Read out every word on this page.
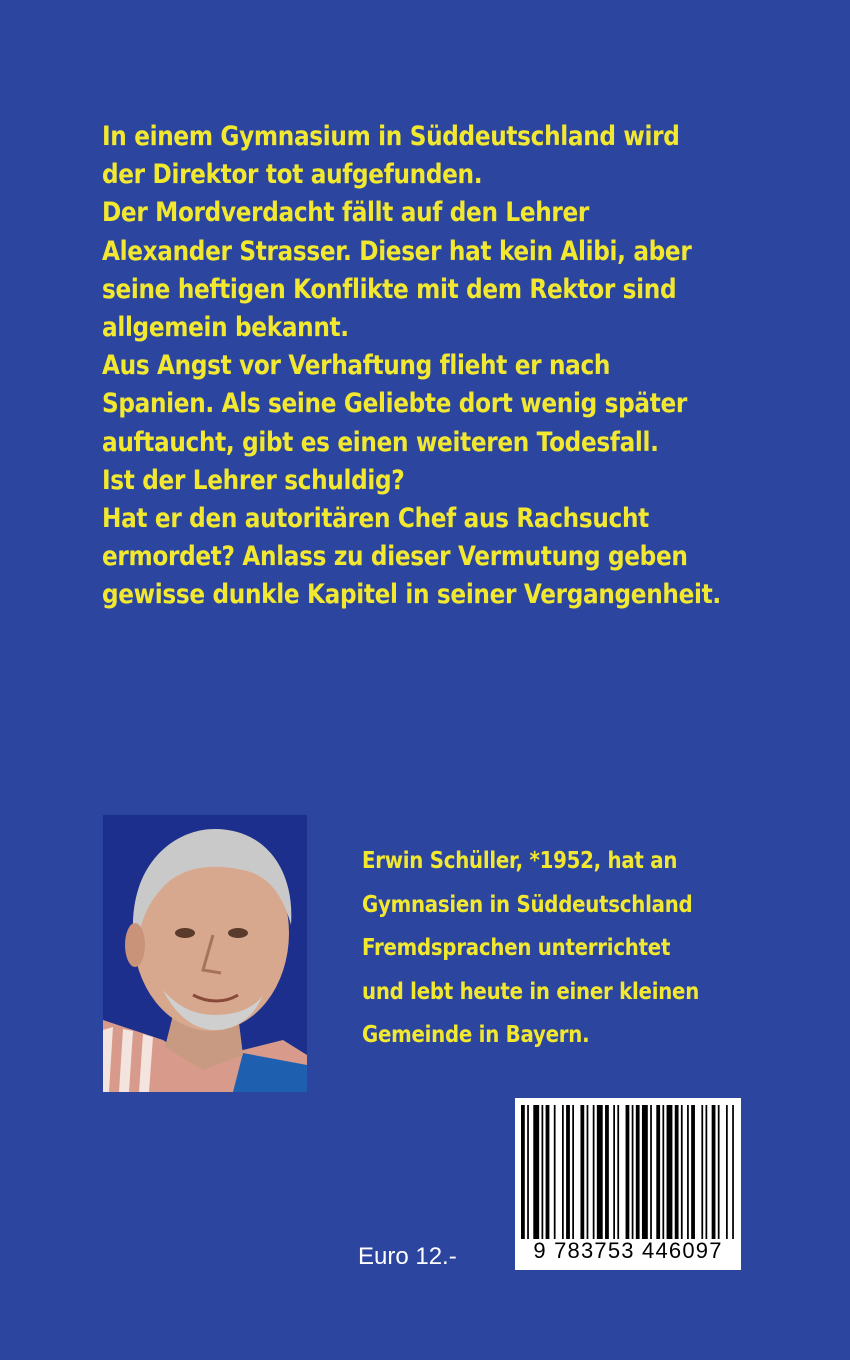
In einem Gymnasium in Süddeutschland wird
der Direktor tot aufgefunden.
Der Mordverdacht fällt auf den Lehrer
Alexander Strasser. Dieser hat kein Alibi, aber
seine heftigen Konflikte mit dem Rektor sind
allgemein bekannt.
Aus Angst vor Verhaftung flieht er nach
Spanien. Als seine Geliebte dort wenig später
auftaucht, gibt es einen weiteren Todesfall.
Ist der Lehrer schuldig?
Hat er den autoritären Chef aus Rachsucht
ermordet? Anlass zu dieser Vermutung geben
gewisse dunkle Kapitel in seiner Vergangenheit.
Erwin Schüller, *1952, hat an
Gymnasien in Süddeutschland
Fremdsprachen unterrichtet
und lebt heute in einer kleinen
Gemeinde in Bayern.
Euro 12.-	9 783753 446097
